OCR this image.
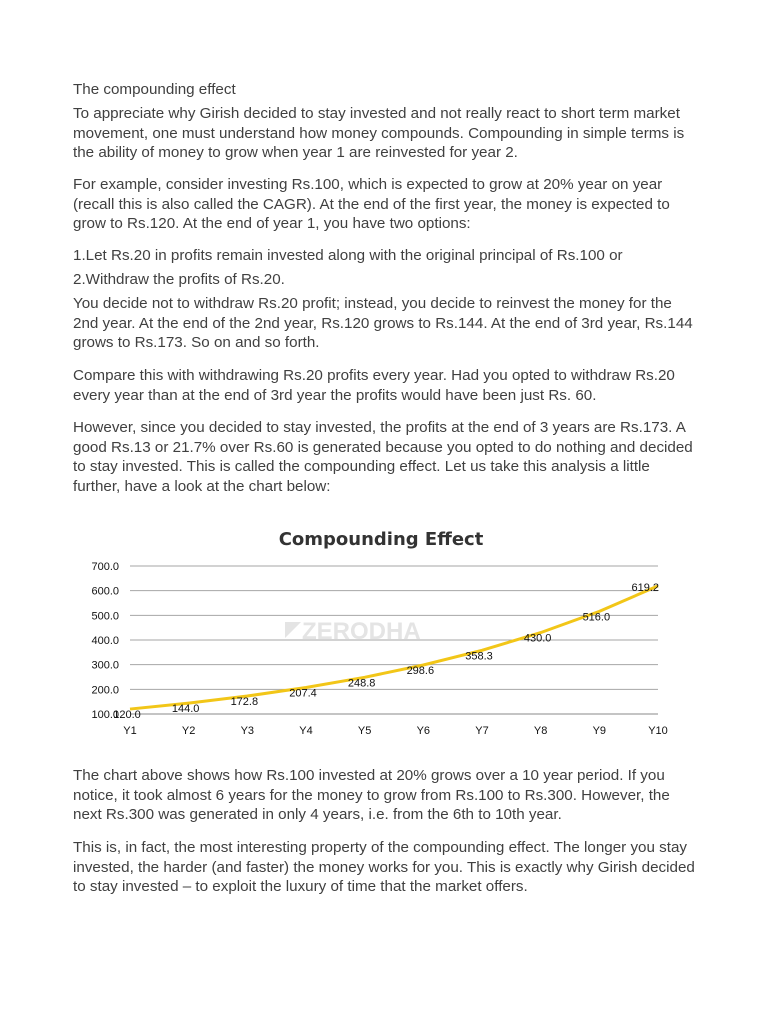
The compounding effect

To appreciate why Girish decided to stay invested and not really react to short term market movement, one must understand how money compounds. Compounding in simple terms is the ability of money to grow when year 1 are reinvested for year 2.

For example, consider investing Rs.100, which is expected to grow at 20% year on year (recall this is also called the CAGR). At the end of the first year, the money is expected to grow to Rs.120. At the end of year 1, you have two options:

1.Let Rs.20 in profits remain invested along with the original principal of Rs.100 or

2.Withdraw the profits of Rs.20.

You decide not to withdraw Rs.20 profit; instead, you decide to reinvest the money for the 2nd year. At the end of the 2nd year, Rs.120 grows to Rs.144. At the end of 3rd year, Rs.144 grows to Rs.173. So on and so forth.

Compare this with withdrawing Rs.20 profits every year. Had you opted to withdraw Rs.20 every year than at the end of 3rd year the profits would have been just Rs. 60.

However, since you decided to stay invested, the profits at the end of 3 years are Rs.173. A good Rs.13 or 21.7% over Rs.60 is generated because you opted to do nothing and decided to stay invested. This is called the compounding effect. Let us take this analysis a little further, have a look at the chart below:

Compounding Effect
ZERODHA
100.0
200.0
300.0
400.0
500.0
600.0
700.0
Y1	Y2	Y3	Y4	Y5	Y6	Y7	Y8	Y9	Y10
120.0	144.0
172.8
207.4
248.8
298.6
358.3
430.0
516.0
619.2

The chart above shows how Rs.100 invested at 20% grows over a 10 year period. If you notice, it took almost 6 years for the money to grow from Rs.100 to Rs.300. However, the next Rs.300 was generated in only 4 years, i.e. from the 6th to 10th year.

This is, in fact, the most interesting property of the compounding effect. The longer you stay invested, the harder (and faster) the money works for you. This is exactly why Girish decided to stay invested – to exploit the luxury of time that the market offers.
